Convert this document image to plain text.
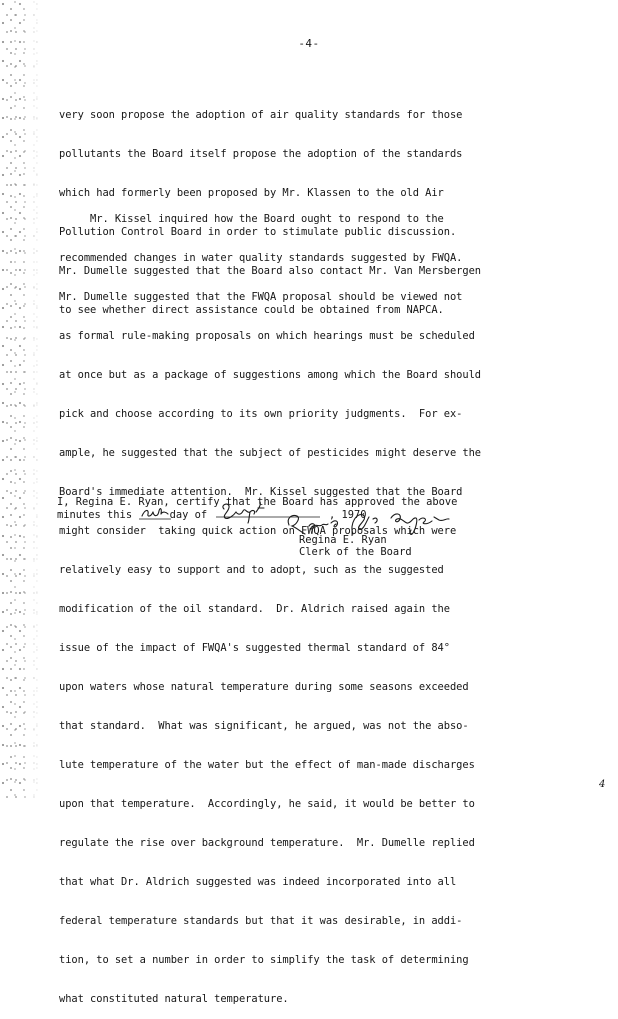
-4-

very soon propose the adoption of air quality standards for those

pollutants the Board itself propose the adoption of the standards

which had formerly been proposed by Mr. Klassen to the old Air

Pollution Control Board in order to stimulate public discussion.

Mr. Dumelle suggested that the Board also contact Mr. Van Mersbergen

to see whether direct assistance could be obtained from NAPCA.

Mr. Kissel inquired how the Board ought to respond to the

recommended changes in water quality standards suggested by FWQA.

Mr. Dumelle suggested that the FWQA proposal should be viewed not

as formal rule-making proposals on which hearings must be scheduled

at once but as a package of suggestions among which the Board should

pick and choose according to its own priority judgments.  For ex-

ample, he suggested that the subject of pesticides might deserve the

Board's immediate attention.  Mr. Kissel suggested that the Board

might consider  taking quick action on FWQA proposals which were

relatively easy to support and to adopt, such as the suggested

modification of the oil standard.  Dr. Aldrich raised again the

issue of the impact of FWQA's suggested thermal standard of 84°

upon waters whose natural temperature during some seasons exceeded

that standard.  What was significant, he argued, was not the abso-

lute temperature of the water but the effect of man-made discharges

upon that temperature.  Accordingly, he said, it would be better to

regulate the rise over background temperature.  Mr. Dumelle replied

that what Dr. Aldrich suggested was indeed incorporated into all

federal temperature standards but that it was desirable, in addi-

tion, to set a number in order to simplify the task of determining

what constituted natural temperature.

I, Regina E. Ryan, certify that the Board has approved the above
minutes this	day of	, 1970
Regina E. Ryan
Clerk of the Board
4
